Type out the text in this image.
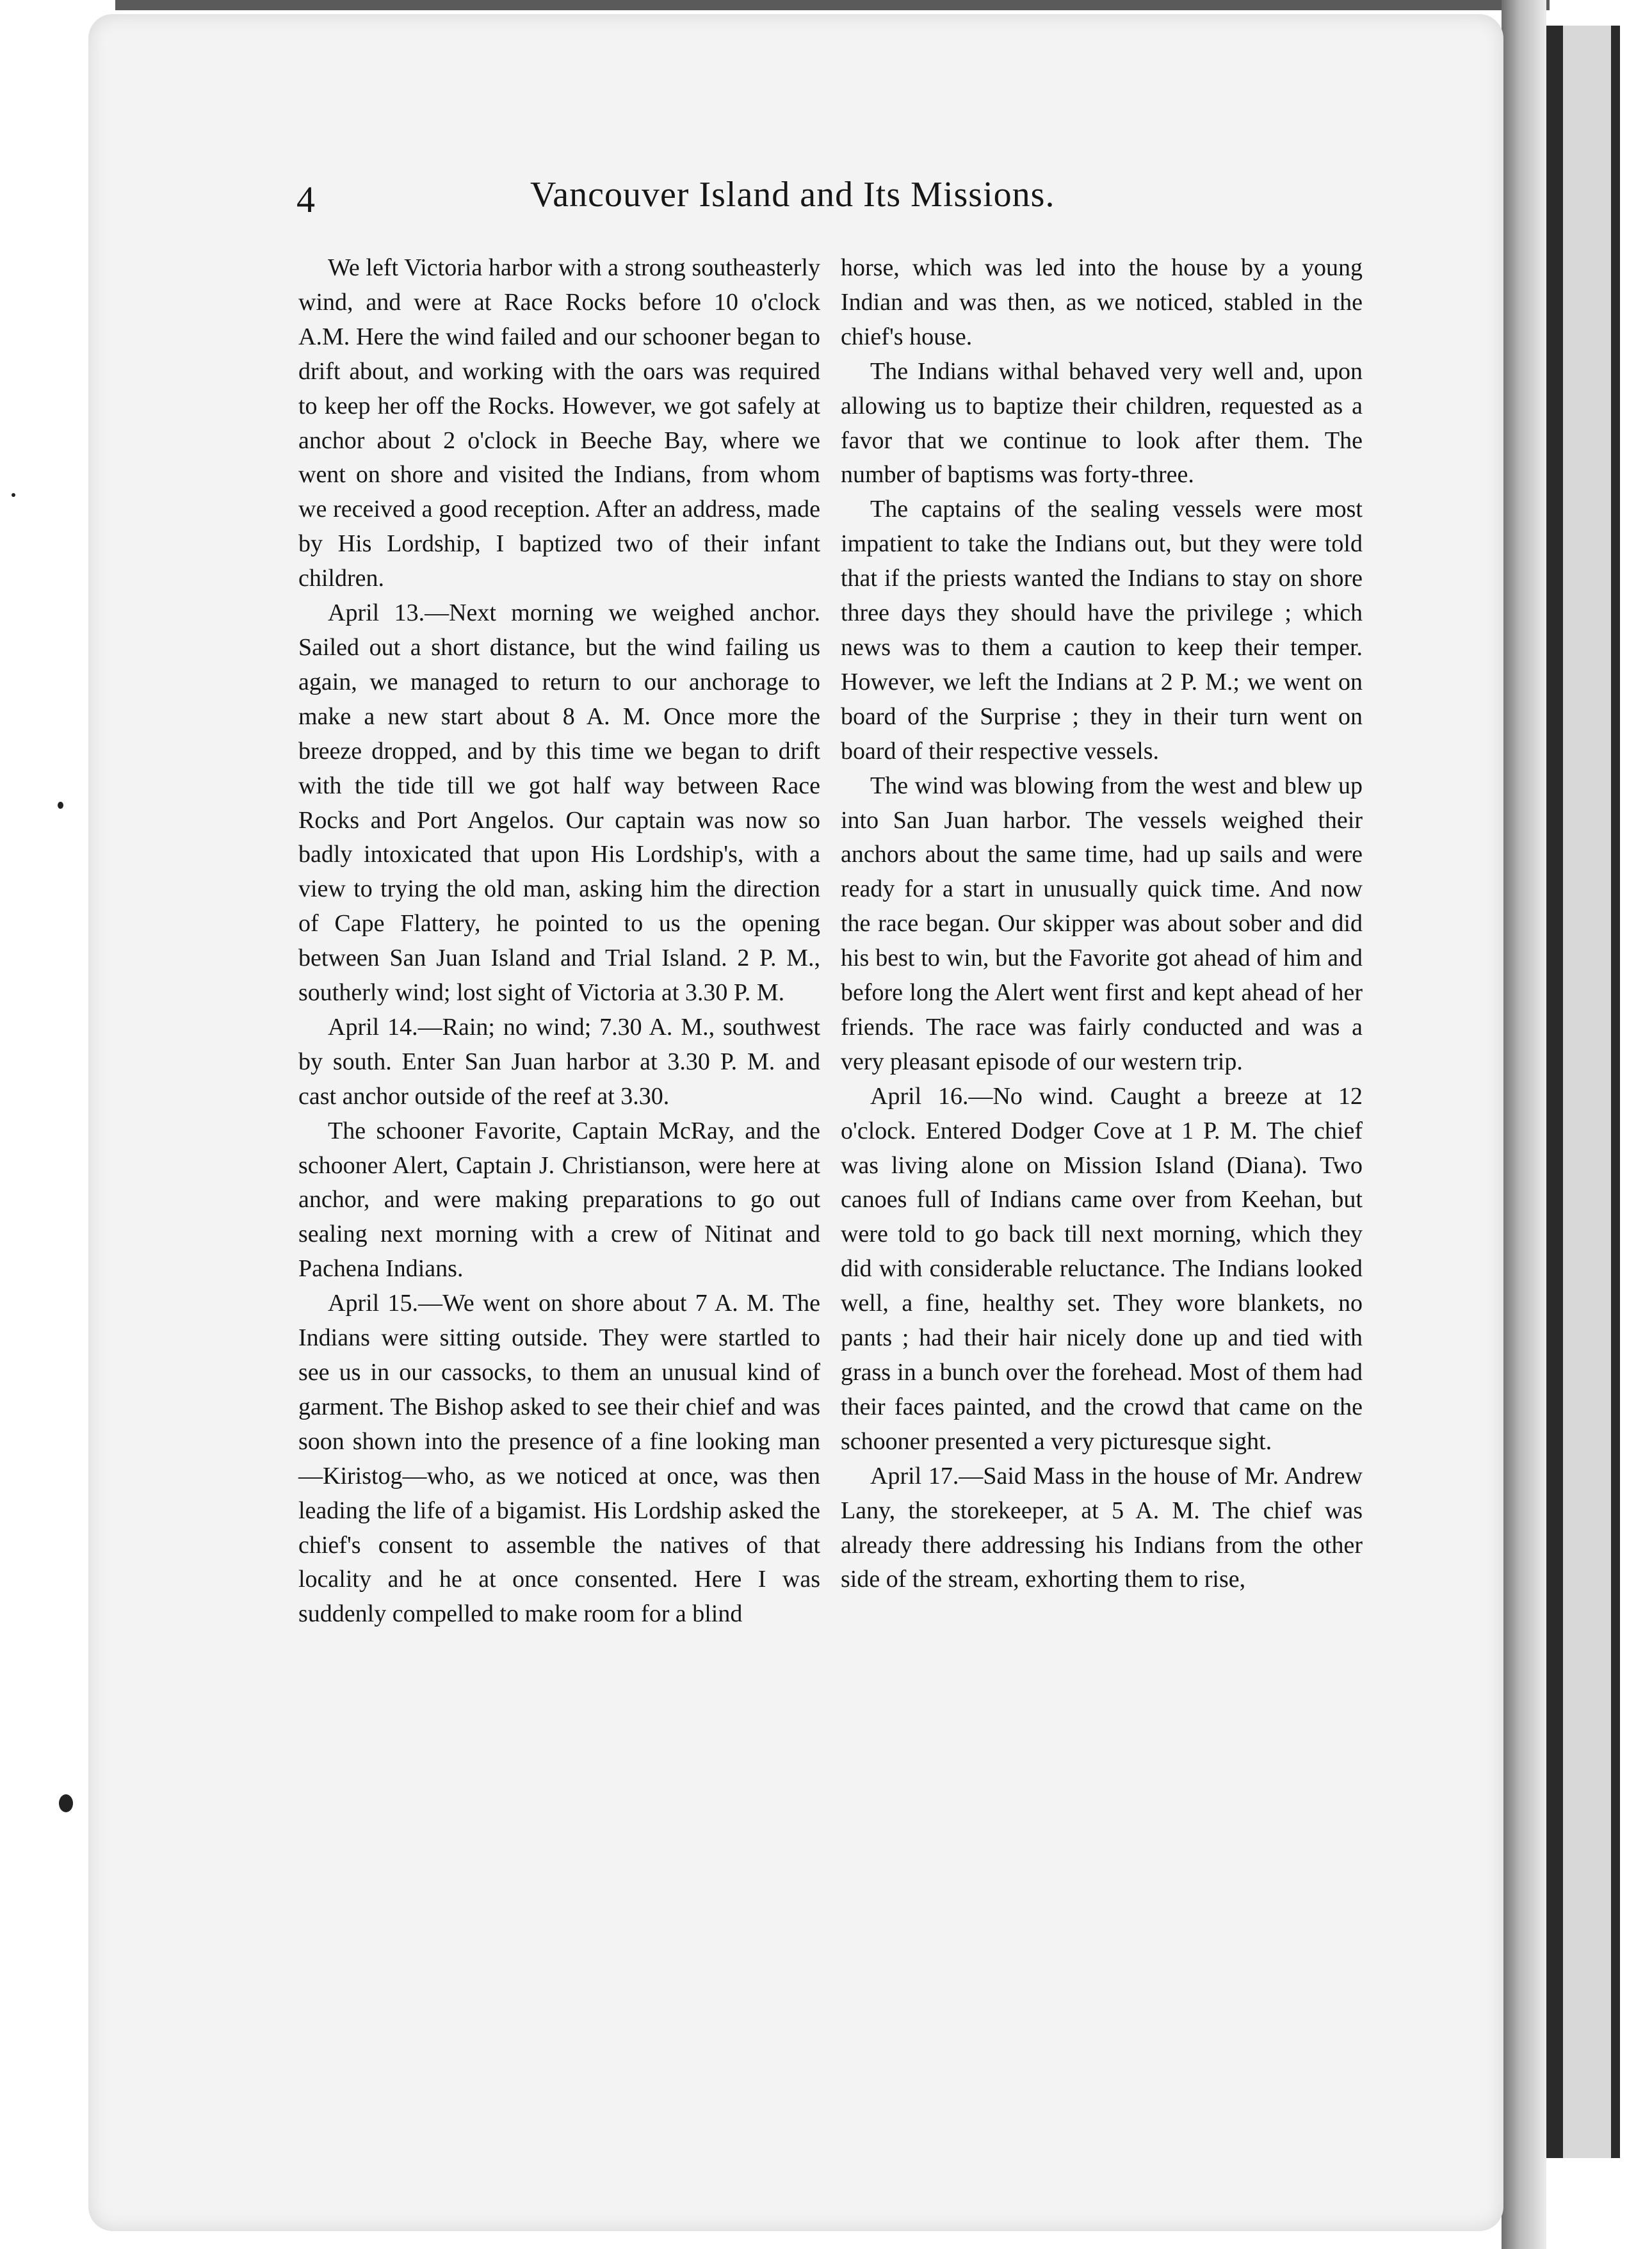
4	Vancouver Island and Its Missions.

We left Victoria harbor with a strong southeasterly wind, and were at Race Rocks before 10 o'clock A.M. Here the wind failed and our schooner began to drift about, and working with the oars was required to keep her off the Rocks. However, we got safely at anchor about 2 o'clock in Beeche Bay, where we went on shore and visited the Indians, from whom we received a good reception. After an address, made by His Lordship, I baptized two of their infant children.

April 13.—Next morning we weighed anchor. Sailed out a short distance, but the wind failing us again, we managed to return to our anchorage to make a new start about 8 A. M. Once more the breeze dropped, and by this time we began to drift with the tide till we got half way between Race Rocks and Port Angelos. Our captain was now so badly intoxicated that upon His Lordship's, with a view to trying the old man, asking him the direction of Cape Flattery, he pointed to us the opening between San Juan Island and Trial Island. 2 P. M., southerly wind; lost sight of Victoria at 3.30 P. M.

April 14.—Rain; no wind; 7.30 A. M., southwest by south. Enter San Juan harbor at 3.30 P. M. and cast anchor outside of the reef at 3.30.

The schooner Favorite, Captain McRay, and the schooner Alert, Captain J. Christianson, were here at anchor, and were making preparations to go out sealing next morning with a crew of Nitinat and Pachena Indians.

April 15.—We went on shore about 7 A. M. The Indians were sitting outside. They were startled to see us in our cassocks, to them an unusual kind of garment. The Bishop asked to see their chief and was soon shown into the presence of a fine looking man—Kiristog—who, as we noticed at once, was then leading the life of a bigamist. His Lordship asked the chief's consent to assemble the natives of that locality and he at once consented. Here I was suddenly compelled to make room for a blind

horse, which was led into the house by a young Indian and was then, as we noticed, stabled in the chief's house.

The Indians withal behaved very well and, upon allowing us to baptize their children, requested as a favor that we continue to look after them. The number of baptisms was forty-three.

The captains of the sealing vessels were most impatient to take the Indians out, but they were told that if the priests wanted the Indians to stay on shore three days they should have the privilege ; which news was to them a caution to keep their temper. However, we left the Indians at 2 P. M.; we went on board of the Surprise ; they in their turn went on board of their respective vessels.

The wind was blowing from the west and blew up into San Juan harbor. The vessels weighed their anchors about the same time, had up sails and were ready for a start in unusually quick time. And now the race began. Our skipper was about sober and did his best to win, but the Favorite got ahead of him and before long the Alert went first and kept ahead of her friends. The race was fairly conducted and was a very pleasant episode of our western trip.

April 16.—No wind. Caught a breeze at 12 o'clock. Entered Dodger Cove at 1 P. M. The chief was living alone on Mission Island (Diana). Two canoes full of Indians came over from Keehan, but were told to go back till next morning, which they did with considerable reluctance. The Indians looked well, a fine, healthy set. They wore blankets, no pants ; had their hair nicely done up and tied with grass in a bunch over the forehead. Most of them had their faces painted, and the crowd that came on the schooner presented a very picturesque sight.

April 17.—Said Mass in the house of Mr. Andrew Lany, the storekeeper, at 5 A. M. The chief was already there addressing his Indians from the other side of the stream, exhorting them to rise,
